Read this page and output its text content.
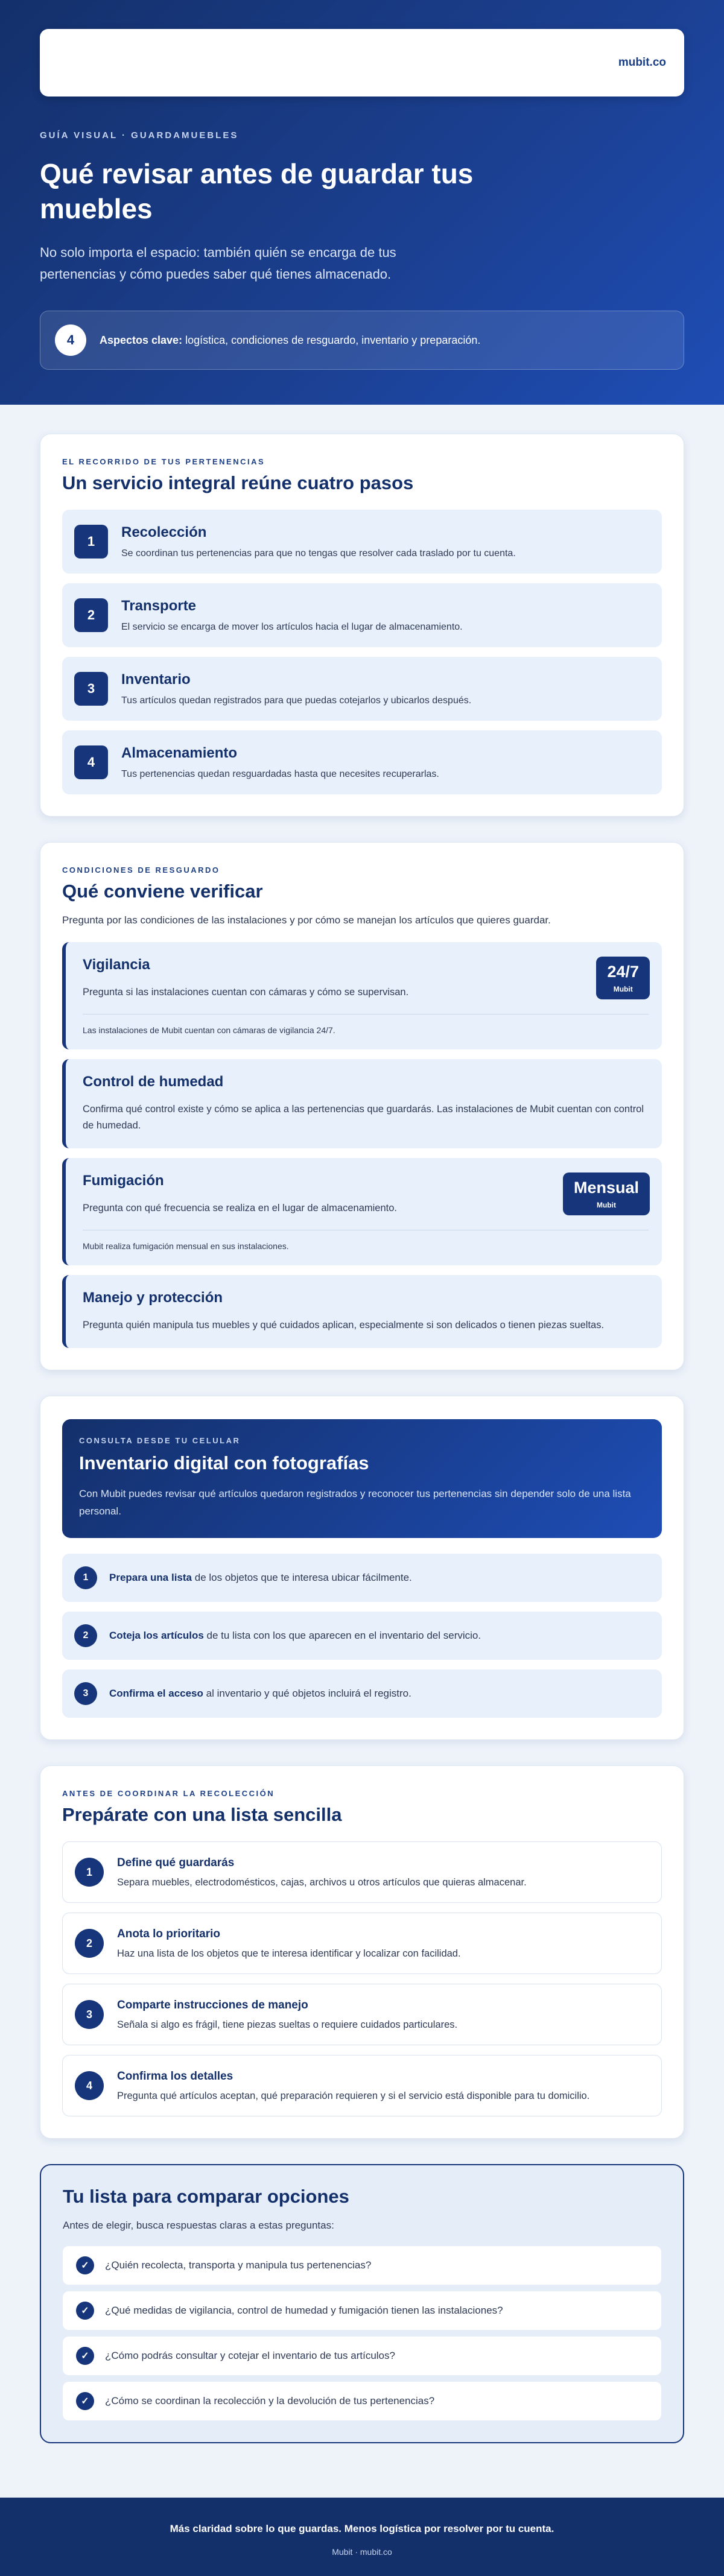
mubit.co
GUÍA VISUAL · GUARDAMUEBLES
Qué revisar antes de guardar tus muebles

No solo importa el espacio: también quién se encarga de tus pertenencias y cómo puedes saber qué tienes almacenado.

4	Aspectos clave: logística, condiciones de resguardo, inventario y preparación.
EL RECORRIDO DE TUS PERTENENCIAS
Un servicio integral reúne cuatro pasos
1
Recolección
Se coordinan tus pertenencias para que no tengas que resolver cada traslado por tu cuenta.
2
Transporte
El servicio se encarga de mover los artículos hacia el lugar de almacenamiento.
3
Inventario
Tus artículos quedan registrados para que puedas cotejarlos y ubicarlos después.
4
Almacenamiento
Tus pertenencias quedan resguardadas hasta que necesites recuperarlas.
CONDICIONES DE RESGUARDO
Qué conviene verificar

Pregunta por las condiciones de las instalaciones y por cómo se manejan los artículos que quieres guardar.

Vigilancia
Pregunta si las instalaciones cuentan con cámaras y cómo se supervisan.
Las instalaciones de Mubit cuentan con cámaras de vigilancia 24/7.
24/7
Mubit
Control de humedad
Confirma qué control existe y cómo se aplica a las pertenencias que guardarás. Las instalaciones de Mubit cuentan con control de humedad.
Fumigación
Pregunta con qué frecuencia se realiza en el lugar de almacenamiento.
Mubit realiza fumigación mensual en sus instalaciones.
Mensual
Mubit
Manejo y protección
Pregunta quién manipula tus muebles y qué cuidados aplican, especialmente si son delicados o tienen piezas sueltas.
CONSULTA DESDE TU CELULAR
Inventario digital con fotografías

Con Mubit puedes revisar qué artículos quedaron registrados y reconocer tus pertenencias sin depender solo de una lista personal.

1	Prepara una lista de los objetos que te interesa ubicar fácilmente.
2	Coteja los artículos de tu lista con los que aparecen en el inventario del servicio.
3	Confirma el acceso al inventario y qué objetos incluirá el registro.
ANTES DE COORDINAR LA RECOLECCIÓN
Prepárate con una lista sencilla
1
Define qué guardarás
Separa muebles, electrodomésticos, cajas, archivos u otros artículos que quieras almacenar.
2
Anota lo prioritario
Haz una lista de los objetos que te interesa identificar y localizar con facilidad.
3
Comparte instrucciones de manejo
Señala si algo es frágil, tiene piezas sueltas o requiere cuidados particulares.
4
Confirma los detalles
Pregunta qué artículos aceptan, qué preparación requieren y si el servicio está disponible para tu domicilio.
Tu lista para comparar opciones

Antes de elegir, busca respuestas claras a estas preguntas:

✓	¿Quién recolecta, transporta y manipula tus pertenencias?
✓	¿Qué medidas de vigilancia, control de humedad y fumigación tienen las instalaciones?
✓	¿Cómo podrás consultar y cotejar el inventario de tus artículos?
✓	¿Cómo se coordinan la recolección y la devolución de tus pertenencias?
Más claridad sobre lo que guardas. Menos logística por resolver por tu cuenta.
Mubit · mubit.co
